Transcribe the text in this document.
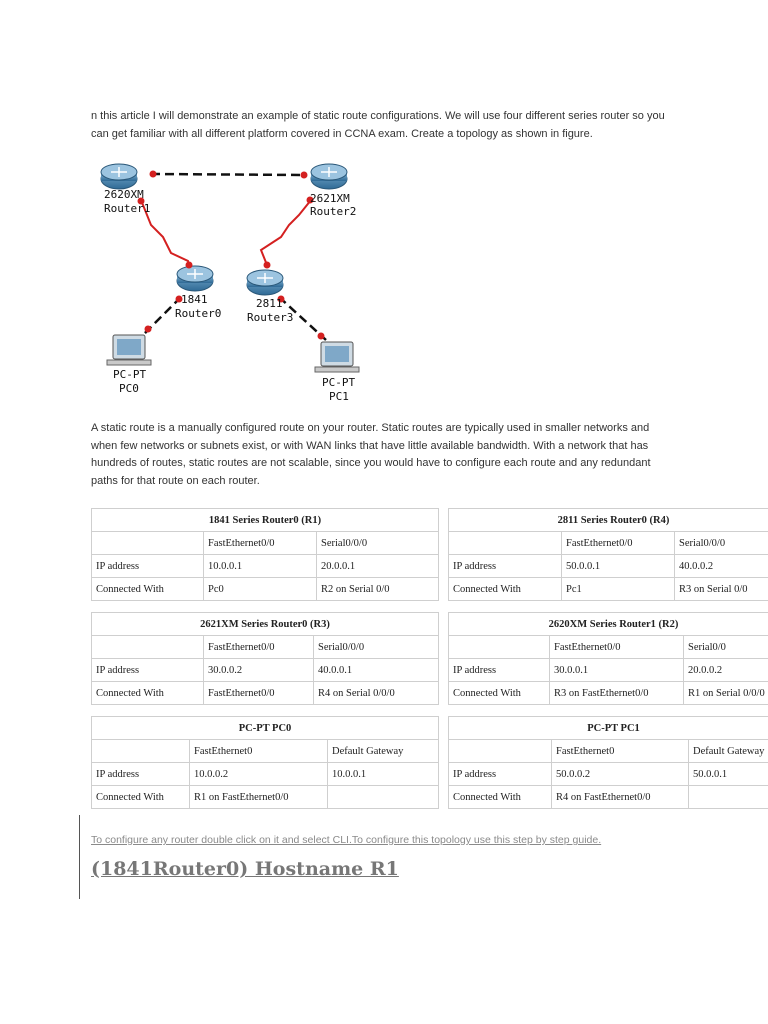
n this article I will demonstrate an example of static route configurations. We will use four different series router so you can get familiar with all different platform covered in CCNA exam. Create a topology as shown in figure.

2620XM
Router1
2621XM
Router2
1841
Router0
2811
Router3
PC-PT
PC0	PC-PT
PC1

A static route is a manually configured route on your router. Static routes are typically used in smaller networks and when few networks or subnets exist, or with WAN links that have little available bandwidth. With a network that has hundreds of routes, static routes are not scalable, since you would have to configure each route and any redundant paths for that route on each router.

1841 Series Router0 (R1)		
	FastEthernet0/0	Serial0/0/0
IP address	10.0.0.1	20.0.0.1
Connected With	Pc0	R2 on Serial 0/0
2811 Series Router0 (R4)		
	FastEthernet0/0	Serial0/0/0
IP address	50.0.0.1	40.0.0.2
Connected With	Pc1	R3 on Serial 0/0
2621XM Series Router0 (R3)		
	FastEthernet0/0	Serial0/0/0
IP address	30.0.0.2	40.0.0.1
Connected With	FastEthernet0/0	R4 on Serial 0/0/0
2620XM Series Router1 (R2)		
	FastEthernet0/0	Serial0/0
IP address	30.0.0.1	20.0.0.2
Connected With	R3 on FastEthernet0/0	R1 on Serial 0/0/0
PC-PT PC0		
	FastEthernet0	Default Gateway
IP address	10.0.0.2	10.0.0.1
Connected With	R1 on FastEthernet0/0	
PC-PT PC1		
	FastEthernet0	Default Gateway
IP address	50.0.0.2	50.0.0.1
Connected With	R4 on FastEthernet0/0	
To configure any router double click on it and select CLI.To configure this topology use this step by step guide.
(1841Router0) Hostname R1
